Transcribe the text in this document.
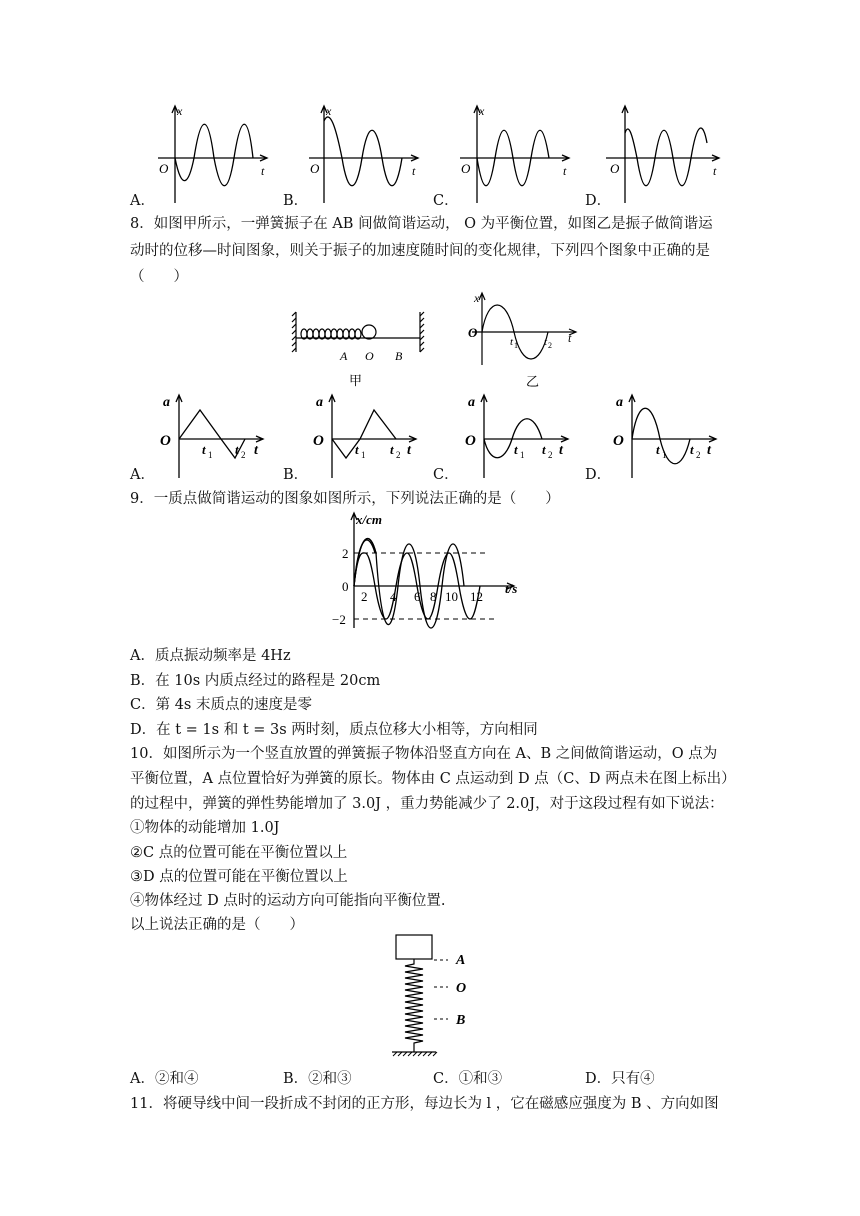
x
O	t
x
O	t
x
O	t	O	t
A．	B．	C．	D．
8．如图甲所示，一弹簧振子在 AB 间做简谐运动， O 为平衡位置，如图乙是振子做简谐运
动时的位移—时间图象，则关于振子的加速度随时间的变化规律，下列四个图象中正确的是
（　　）
A O B
甲
x
O
t 1 t 2
t
乙
a
O
t 1 t 2 t
a
O
t 1 t 2 t
a
O
t 1 t 2 t
a
O
t 1 t 2 t
A．	B．	C．	D．
9．一质点做简谐运动的图象如图所示，下列说法正确的是（　　）
x/cm
t/s
2
0
−2
2 4 6 8 10 12
A．质点振动频率是 4Hz
B．在 10s 内质点经过的路程是 20cm
C．第 4s 末质点的速度是零
D．在 t = 1s 和 t = 3s 两时刻，质点位移大小相等，方向相同
10．如图所示为一个竖直放置的弹簧振子物体沿竖直方向在 A、B 之间做简谐运动，O 点为
平衡位置，A 点位置恰好为弹簧的原长。物体由 C 点运动到 D 点（C、D 两点未在图上标出）
的过程中，弹簧的弹性势能增加了 3.0J ，重力势能减少了 2.0J，对于这段过程有如下说法：
①物体的动能增加 1.0J
②C 点的位置可能在平衡位置以上
③D 点的位置可能在平衡位置以上
④物体经过 D 点时的运动方向可能指向平衡位置.
以上说法正确的是（　　）
A
O
B
A．②和④	B．②和③	C．①和③	D．只有④
11．将硬导线中间一段折成不封闭的正方形，每边长为 l ，它在磁感应强度为 B 、方向如图
